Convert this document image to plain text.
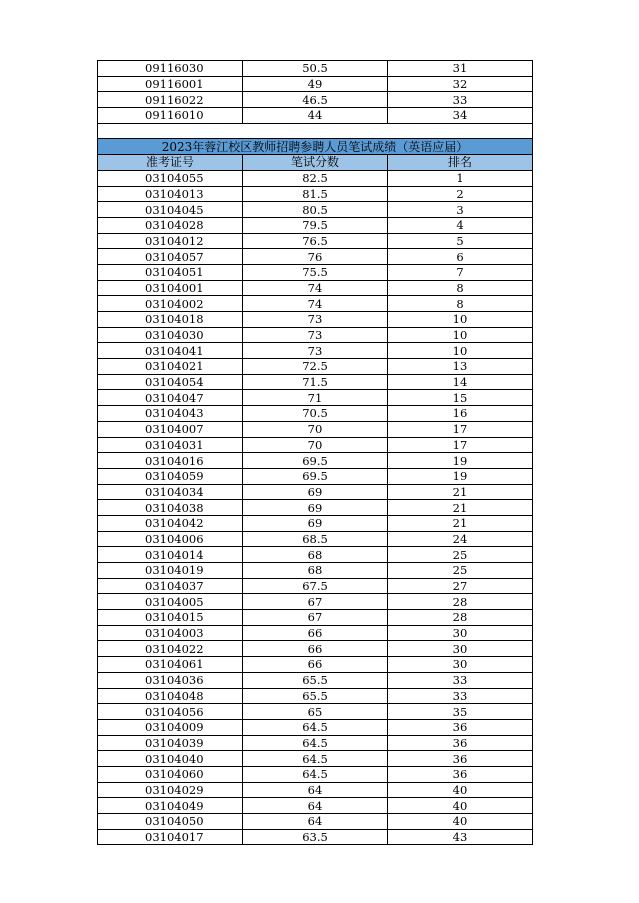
09116030	50.5	31
09116001	49	32
09116022	46.5	33
09116010	44	34

2023年蓉江校区教师招聘参聘人员笔试成绩（英语应届）		
准考证号	笔试分数	排名
03104055	82.5	1
03104013	81.5	2
03104045	80.5	3
03104028	79.5	4
03104012	76.5	5
03104057	76	6
03104051	75.5	7
03104001	74	8
03104002	74	8
03104018	73	10
03104030	73	10
03104041	73	10
03104021	72.5	13
03104054	71.5	14
03104047	71	15
03104043	70.5	16
03104007	70	17
03104031	70	17
03104016	69.5	19
03104059	69.5	19
03104034	69	21
03104038	69	21
03104042	69	21
03104006	68.5	24
03104014	68	25
03104019	68	25
03104037	67.5	27
03104005	67	28
03104015	67	28
03104003	66	30
03104022	66	30
03104061	66	30
03104036	65.5	33
03104048	65.5	33
03104056	65	35
03104009	64.5	36
03104039	64.5	36
03104040	64.5	36
03104060	64.5	36
03104029	64	40
03104049	64	40
03104050	64	40
03104017	63.5	43
